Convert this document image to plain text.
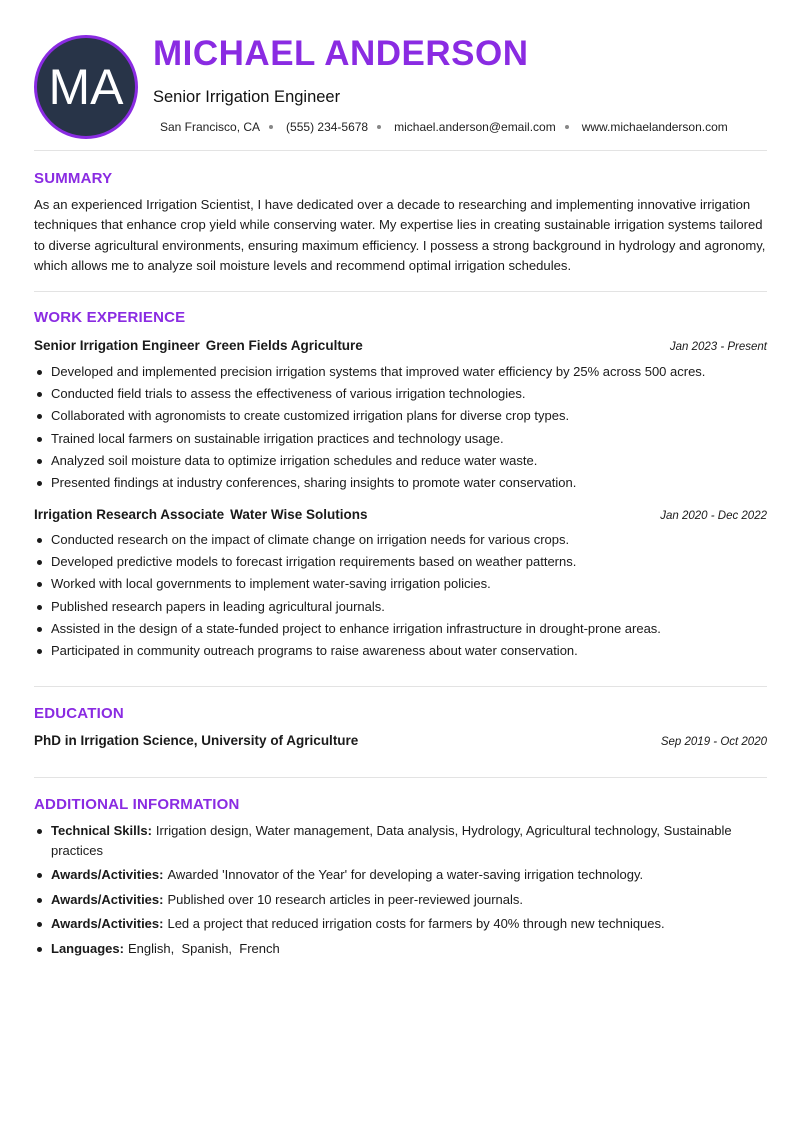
MA
MICHAEL ANDERSON
Senior Irrigation Engineer
San Francisco, CA (555) 234-5678 michael.anderson@email.com www.michaelanderson.com
SUMMARY

As an experienced Irrigation Scientist, I have dedicated over a decade to researching and implementing innovative irrigation techniques that enhance crop yield while conserving water. My expertise lies in creating sustainable irrigation systems tailored to diverse agricultural environments, ensuring maximum efficiency. I possess a strong background in hydrology and agronomy, which allows me to analyze soil moisture levels and recommend optimal irrigation schedules.

WORK EXPERIENCE
Senior Irrigation Engineer Green Fields Agriculture	Jan 2023 - Present
Developed and implemented precision irrigation systems that improved water efficiency by 25% across 500 acres.
Conducted field trials to assess the effectiveness of various irrigation technologies.
Collaborated with agronomists to create customized irrigation plans for diverse crop types.
Trained local farmers on sustainable irrigation practices and technology usage.
Analyzed soil moisture data to optimize irrigation schedules and reduce water waste.
Presented findings at industry conferences, sharing insights to promote water conservation.
Irrigation Research Associate Water Wise Solutions	Jan 2020 - Dec 2022
Conducted research on the impact of climate change on irrigation needs for various crops.
Developed predictive models to forecast irrigation requirements based on weather patterns.
Worked with local governments to implement water-saving irrigation policies.
Published research papers in leading agricultural journals.
Assisted in the design of a state-funded project to enhance irrigation infrastructure in drought-prone areas.
Participated in community outreach programs to raise awareness about water conservation.
EDUCATION
PhD in Irrigation Science, University of Agriculture	Sep 2019 - Oct 2020
ADDITIONAL INFORMATION
Technical Skills: Irrigation design, Water management, Data analysis, Hydrology, Agricultural technology, Sustainable practices
Awards/Activities: Awarded 'Innovator of the Year' for developing a water-saving irrigation technology.
Awards/Activities: Published over 10 research articles in peer-reviewed journals.
Awards/Activities: Led a project that reduced irrigation costs for farmers by 40% through new techniques.
Languages: English,  Spanish,  French
